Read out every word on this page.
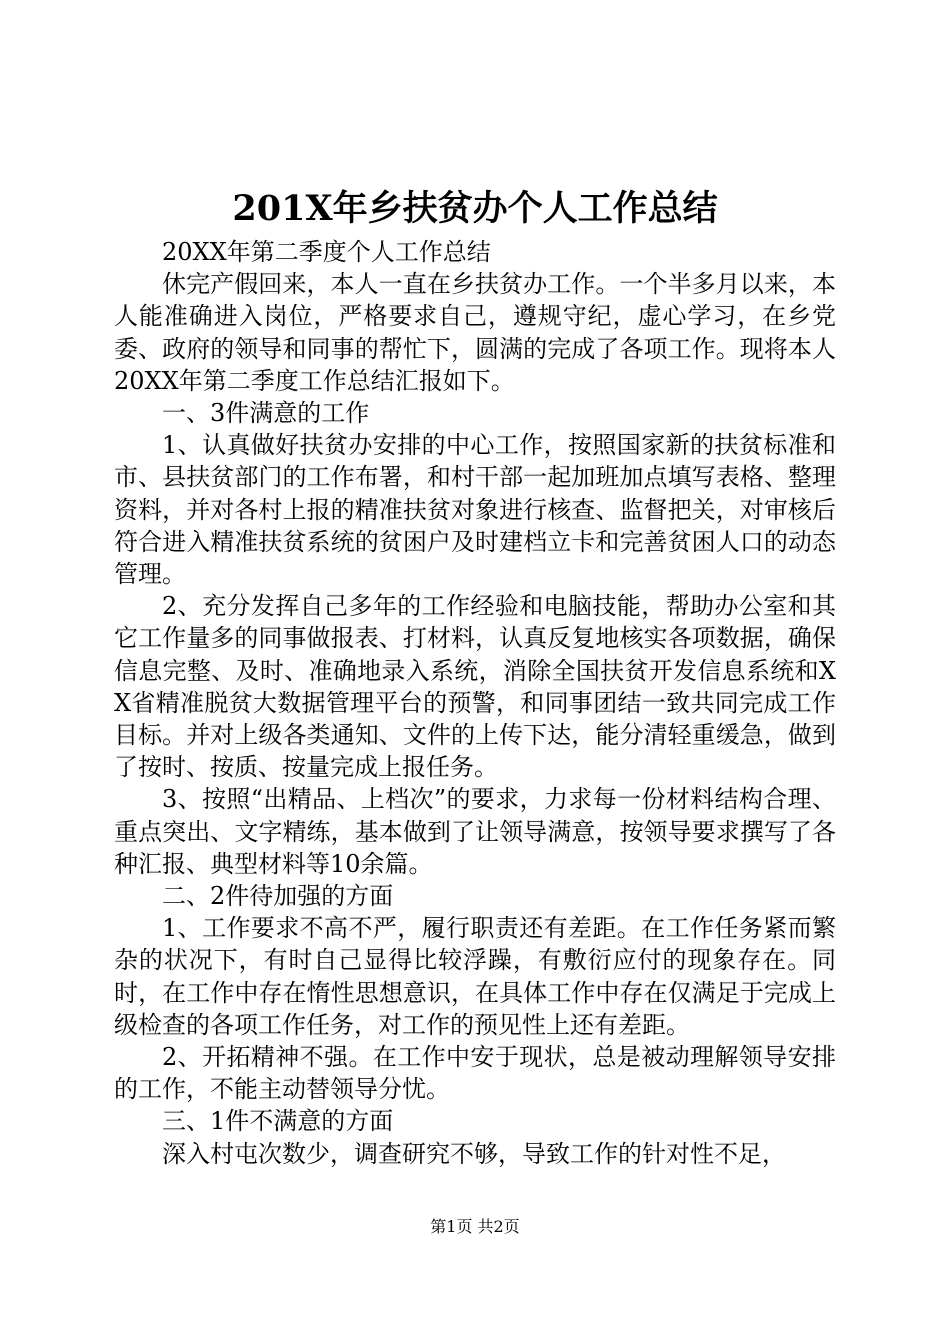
201X年乡扶贫办个人工作总结

20XX年第二季度个人工作总结

休完产假回来，本人一直在乡扶贫办工作。一个半多月以来，本人能准确进入岗位，严格要求自己，遵规守纪，虚心学习，在乡党委、政府的领导和同事的帮忙下，圆满的完成了各项工作。现将本人20XX年第二季度工作总结汇报如下。

一、3件满意的工作

1、认真做好扶贫办安排的中心工作，按照国家新的扶贫标准和市、县扶贫部门的工作布署，和村干部一起加班加点填写表格、整理资料，并对各村上报的精准扶贫对象进行核查、监督把关，对审核后符合进入精准扶贫系统的贫困户及时建档立卡和完善贫困人口的动态管理。

2、充分发挥自己多年的工作经验和电脑技能，帮助办公室和其它工作量多的同事做报表、打材料，认真反复地核实各项数据，确保信息完整、及时、准确地录入系统，消除全国扶贫开发信息系统和XX省精准脱贫大数据管理平台的预警，和同事团结一致共同完成工作目标。并对上级各类通知、文件的上传下达，能分清轻重缓急，做到了按时、按质、按量完成上报任务。

3、按照“出精品、上档次”的要求，力求每一份材料结构合理、重点突出、文字精练，基本做到了让领导满意，按领导要求撰写了各种汇报、典型材料等10余篇。

二、2件待加强的方面

1、工作要求不高不严，履行职责还有差距。在工作任务紧而繁杂的状况下，有时自己显得比较浮躁，有敷衍应付的现象存在。同时，在工作中存在惰性思想意识，在具体工作中存在仅满足于完成上级检查的各项工作任务，对工作的预见性上还有差距。

2、开拓精神不强。在工作中安于现状，总是被动理解领导安排的工作，不能主动替领导分忧。

三、1件不满意的方面

深入村屯次数少，调查研究不够，导致工作的针对性不足，

第1页 共2页
